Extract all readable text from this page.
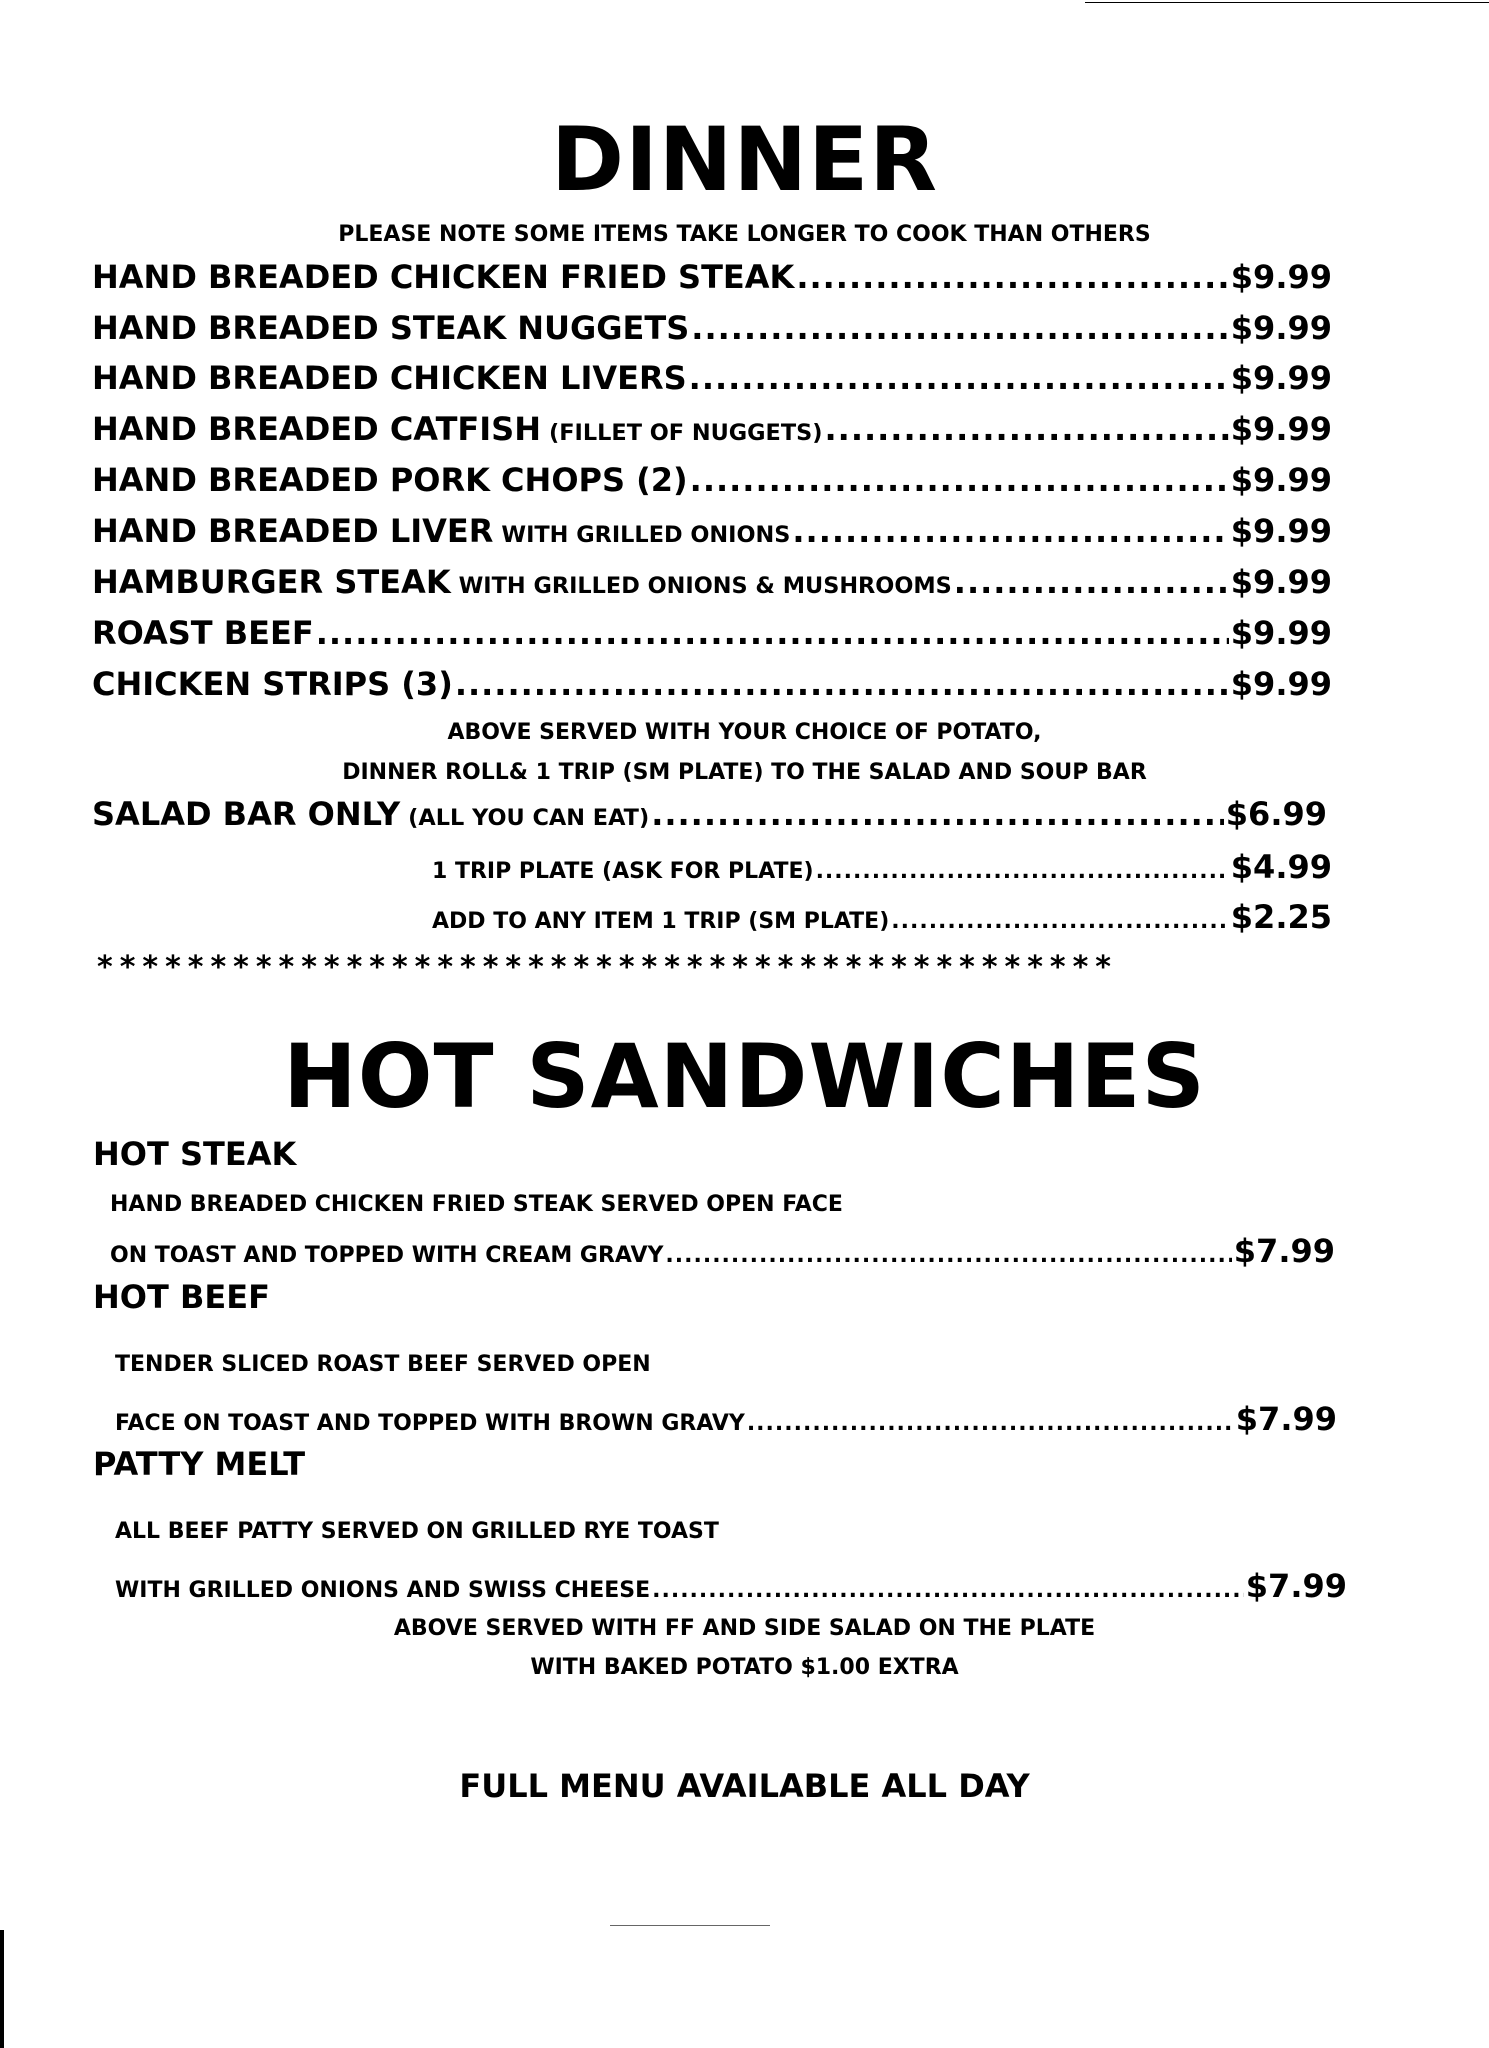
DINNER
PLEASE NOTE SOME ITEMS TAKE LONGER TO COOK THAN OTHERS
HAND BREADED CHICKEN FRIED STEAK .....	$9.99
HAND BREADED STEAK NUGGETS .....	$9.99
HAND BREADED CHICKEN LIVERS .....	$9.99
HAND BREADED CATFISH (FILLET OF NUGGETS) .....	$9.99
HAND BREADED PORK CHOPS (2) .....	$9.99
HAND BREADED LIVER WITH GRILLED ONIONS .....	$9.99
HAMBURGER STEAK WITH GRILLED ONIONS & MUSHROOMS .....	$9.99
ROAST BEEF .....	$9.99
CHICKEN STRIPS (3) .....	$9.99
ABOVE SERVED WITH YOUR CHOICE OF POTATO,
DINNER ROLL& 1 TRIP (SM PLATE) TO THE SALAD AND SOUP BAR
SALAD BAR ONLY (ALL YOU CAN EAT) .....	$6.99
1 TRIP PLATE (ASK FOR PLATE) .....	$4.99
ADD TO ANY ITEM 1 TRIP (SM PLATE) .....	$2.25
*********************************************
HOT SANDWICHES
HOT STEAK
HAND BREADED CHICKEN FRIED STEAK SERVED OPEN FACE
ON TOAST AND TOPPED WITH CREAM GRAVY .....	$7.99
HOT BEEF
TENDER SLICED ROAST BEEF SERVED OPEN
FACE ON TOAST AND TOPPED WITH BROWN GRAVY .....	$7.99
PATTY MELT
ALL BEEF PATTY SERVED ON GRILLED RYE TOAST
WITH GRILLED ONIONS AND SWISS CHEESE .....	$7.99
ABOVE SERVED WITH FF AND SIDE SALAD ON THE PLATE
WITH BAKED POTATO $1.00 EXTRA
FULL MENU AVAILABLE ALL DAY
